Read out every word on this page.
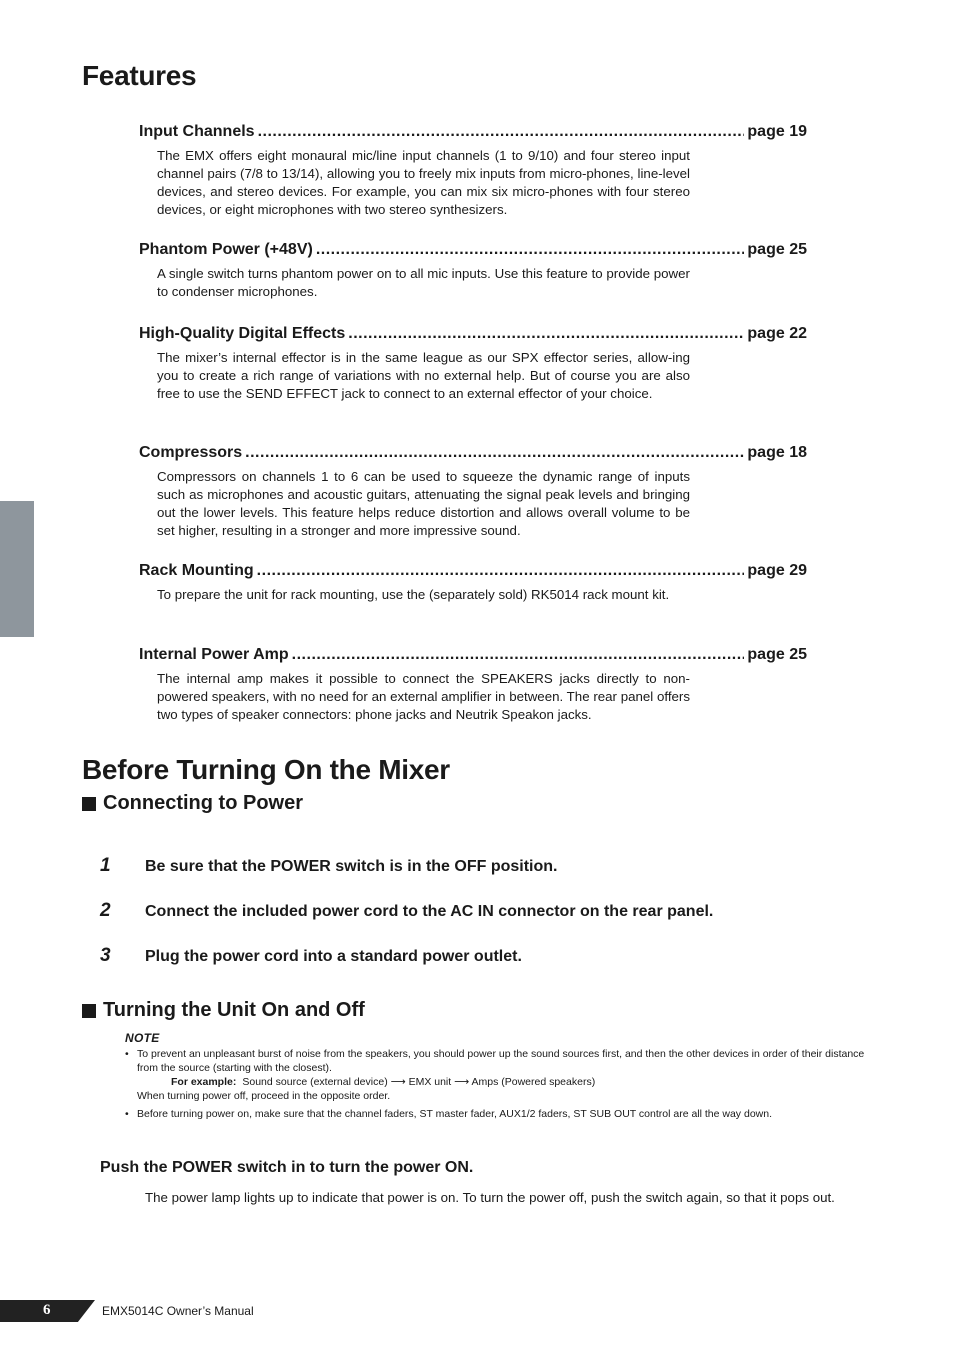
Features
Input Channels .....	page 19
The EMX offers eight monaural mic/line input channels (1 to 9/10) and four stereo input channel pairs (7/8 to 13/14), allowing you to freely mix inputs from micro-phones, line-level devices, and stereo devices. For example, you can mix six micro-phones with four stereo devices, or eight microphones with two stereo synthesizers.
Phantom Power (+48V) .....	page 25
A single switch turns phantom power on to all mic inputs. Use this feature to provide power to condenser microphones.
High-Quality Digital Effects .....	page 22
The mixer’s internal effector is in the same league as our SPX effector series, allow-ing you to create a rich range of variations with no external help. But of course you are also free to use the SEND EFFECT jack to connect to an external effector of your choice.
Compressors .....	page 18
Compressors on channels 1 to 6 can be used to squeeze the dynamic range of inputs such as microphones and acoustic guitars, attenuating the signal peak levels and bringing out the lower levels. This feature helps reduce distortion and allows overall volume to be set higher, resulting in a stronger and more impressive sound.
Rack Mounting .....	page 29
To prepare the unit for rack mounting, use the (separately sold) RK5014 rack mount kit.
Internal Power Amp .....	page 25
The internal amp makes it possible to connect the SPEAKERS jacks directly to non-powered speakers, with no need for an external amplifier in between. The rear panel offers two types of speaker connectors: phone jacks and Neutrik Speakon jacks.
Before Turning On the Mixer
Connecting to Power
1	Be sure that the POWER switch is in the OFF position.
2	Connect the included power cord to the AC IN connector on the rear panel.
3	Plug the power cord into a standard power outlet.
Turning the Unit On and Off
NOTE
• To prevent an unpleasant burst of noise from the speakers, you should power up the sound sources first, and then the other devices in order of their distance from the source (starting with the closest).
For example: Sound source (external device) ⟶ EMX unit ⟶ Amps (Powered speakers)
When turning power off, proceed in the opposite order.
• Before turning power on, make sure that the channel faders, ST master fader, AUX1/2 faders, ST SUB OUT control are all the way down.
Push the POWER switch in to turn the power ON.
The power lamp lights up to indicate that power is on. To turn the power off, push the switch again, so that it pops out.
6	EMX5014C Owner’s Manual
